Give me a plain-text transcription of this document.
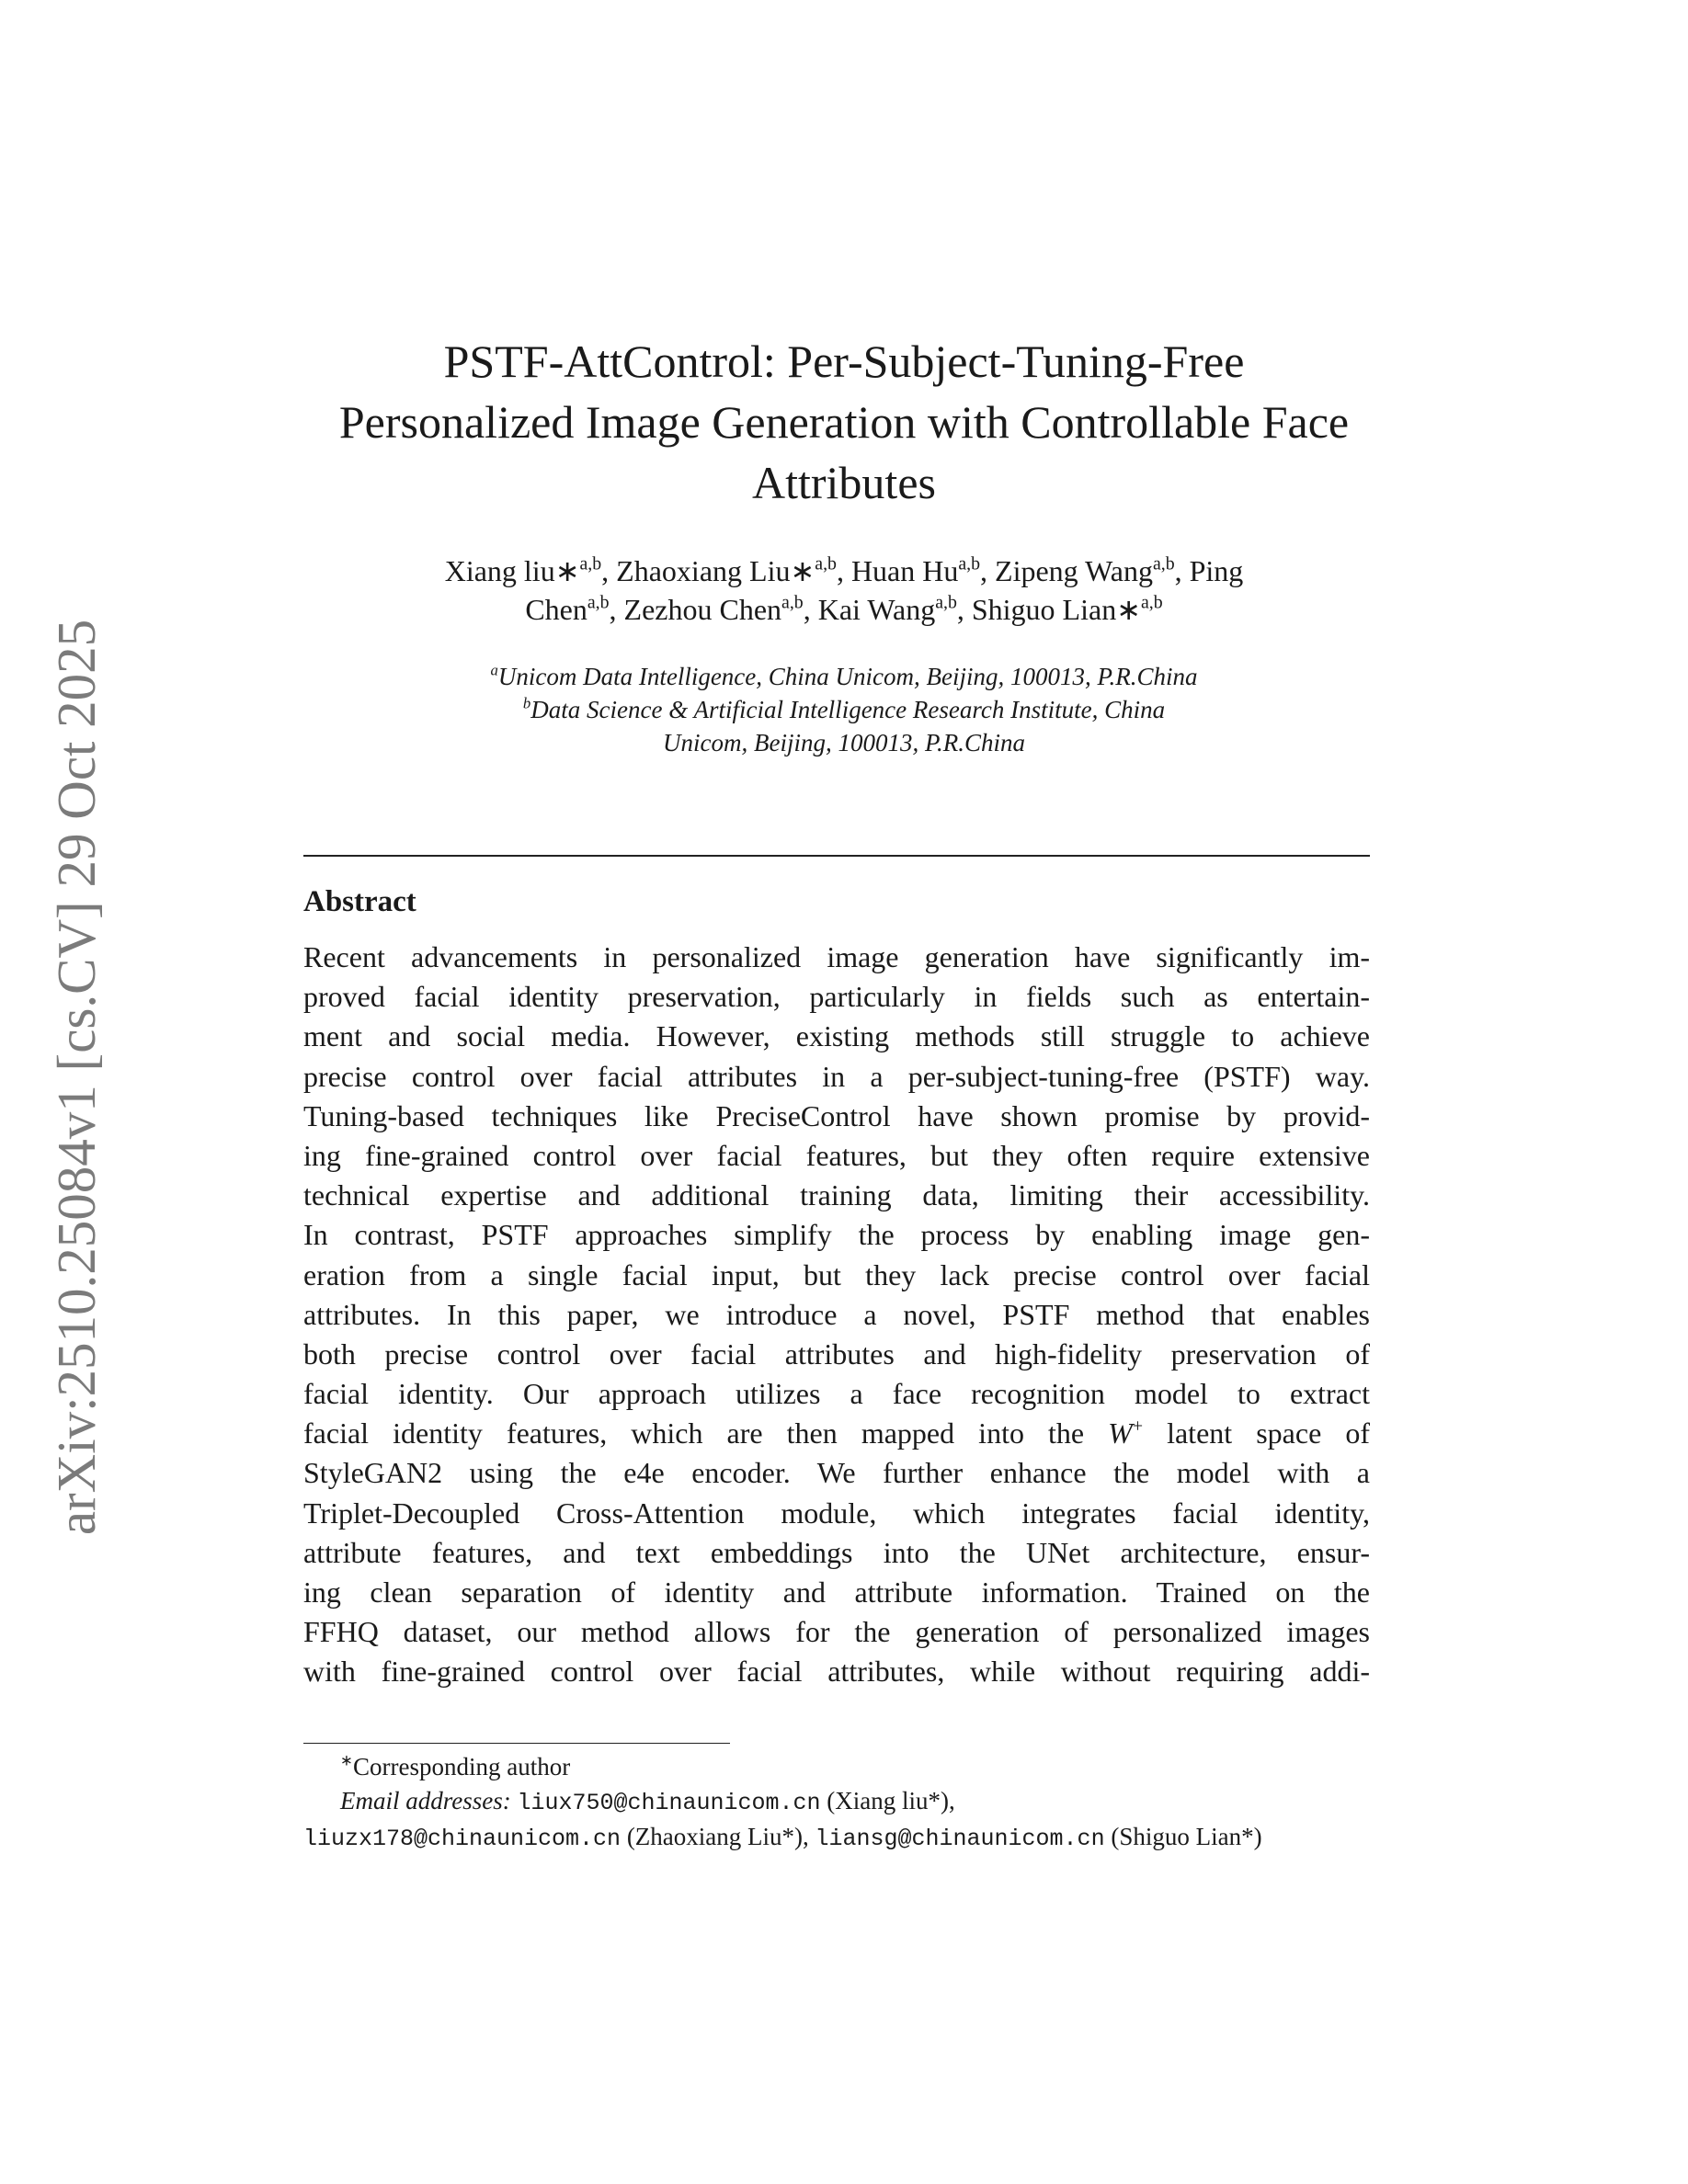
arXiv:2510.25084v1 [cs.CV] 29 Oct 2025
PSTF-AttControl: Per-Subject-Tuning-Free
Personalized Image Generation with Controllable Face
Attributes
Xiang liu∗$^{a,b}$, Zhaoxiang Liu∗$^{a,b}$, Huan Hu$^{a,b}$, Zipeng Wang$^{a,b}$, Ping
Chen$^{a,b}$, Zezhou Chen$^{a,b}$, Kai Wang$^{a,b}$, Shiguo Lian∗$^{a,b}$
$^a$Unicom Data Intelligence, China Unicom, Beijing, 100013, P.R.China
$^b$Data Science & Artificial Intelligence Research Institute, China
Unicom, Beijing, 100013, P.R.China
Abstract
Recent advancements in personalized image generation have significantly im-
proved facial identity preservation, particularly in fields such as entertain-
ment and social media. However, existing methods still struggle to achieve
precise control over facial attributes in a per-subject-tuning-free (PSTF) way.
Tuning-based techniques like PreciseControl have shown promise by provid-
ing fine-grained control over facial features, but they often require extensive
technical expertise and additional training data, limiting their accessibility.
In contrast, PSTF approaches simplify the process by enabling image gen-
eration from a single facial input, but they lack precise control over facial
attributes. In this paper, we introduce a novel, PSTF method that enables
both precise control over facial attributes and high-fidelity preservation of
facial identity. Our approach utilizes a face recognition model to extract
facial identity features, which are then mapped into the W+ latent space of
StyleGAN2 using the e4e encoder. We further enhance the model with a
Triplet-Decoupled Cross-Attention module, which integrates facial identity,
attribute features, and text embeddings into the UNet architecture, ensur-
ing clean separation of identity and attribute information. Trained on the
FFHQ dataset, our method allows for the generation of personalized images
with fine-grained control over facial attributes, while without requiring addi-
∗Corresponding author
Email addresses: liux750@chinaunicom.cn (Xiang liu*),
liuzx178@chinaunicom.cn (Zhaoxiang Liu*), liansg@chinaunicom.cn (Shiguo Lian*)
